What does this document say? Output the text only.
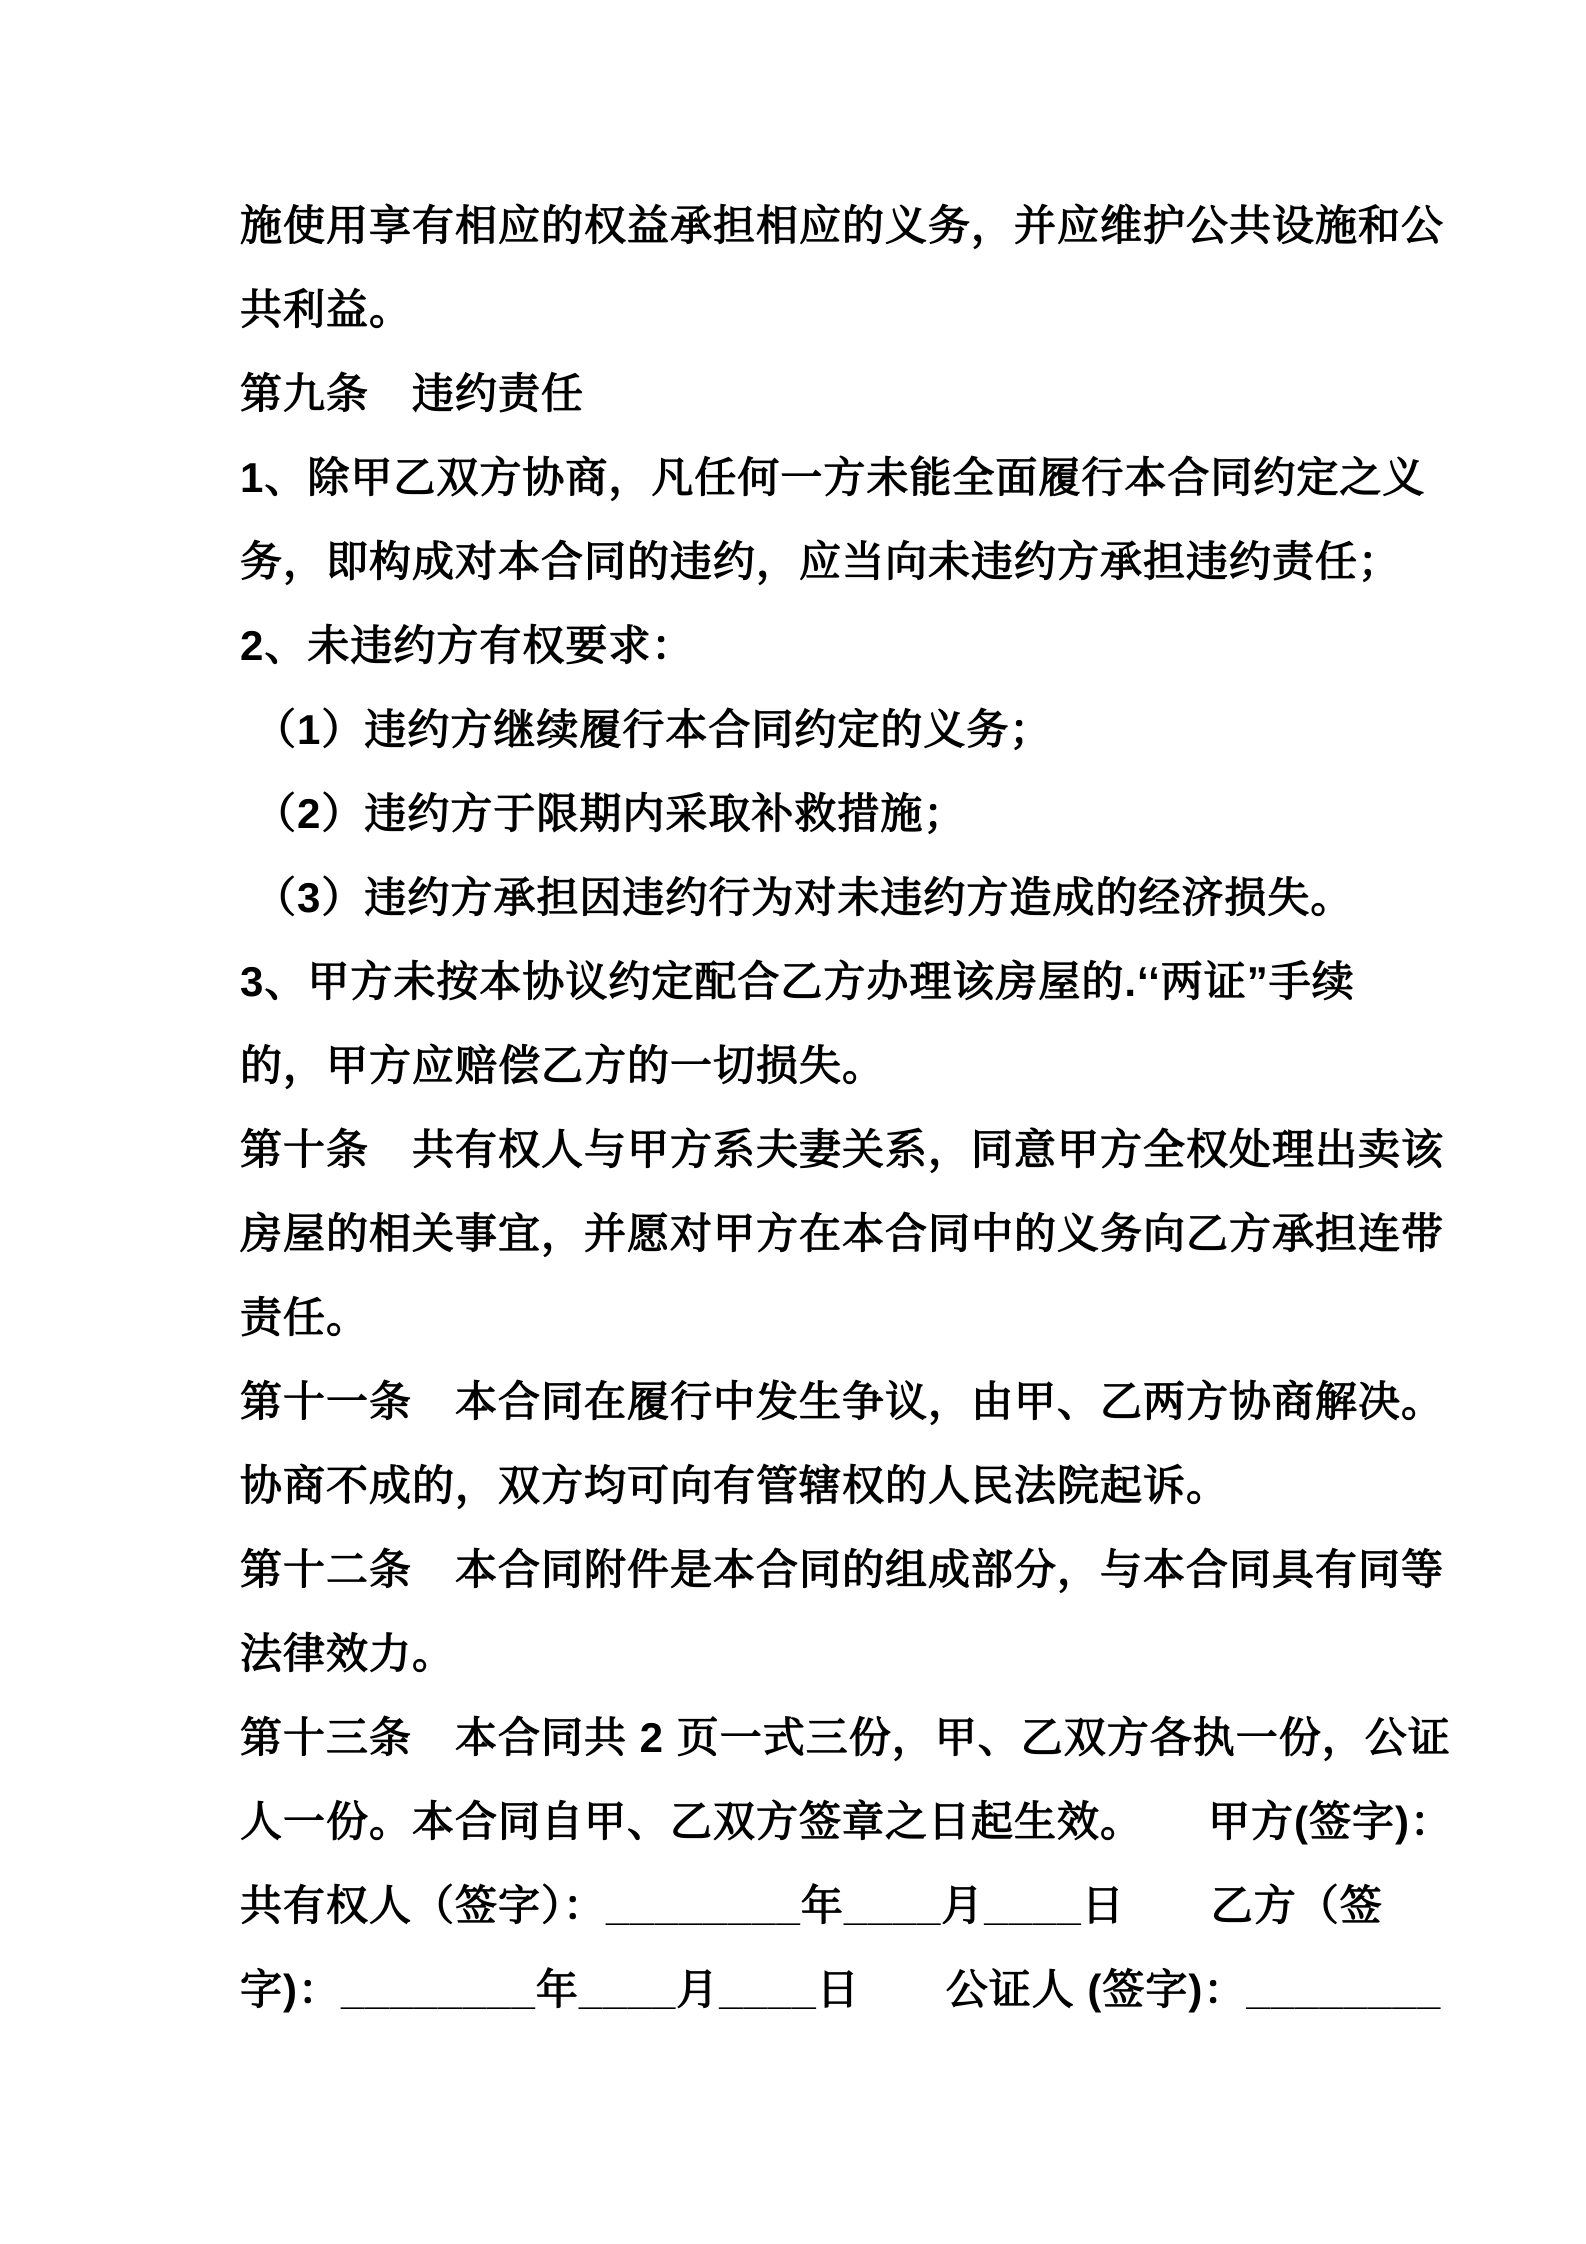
施使用享有相应的权益承担相应的义务，并应维护公共设施和公
共利益。
第九条　违约责任
1、除甲乙双方协商，凡任何一方未能全面履行本合同约定之义
务，即构成对本合同的违约，应当向未违约方承担违约责任；
2、未违约方有权要求：
（1）违约方继续履行本合同约定的义务；
（2）违约方于限期内采取补救措施；
（3）违约方承担因违约行为对未违约方造成的经济损失。
3、甲方未按本协议约定配合乙方办理该房屋的.‘‘两证”手续
的，甲方应赔偿乙方的一切损失。
第十条　共有权人与甲方系夫妻关系，同意甲方全权处理出卖该
房屋的相关事宜，并愿对甲方在本合同中的义务向乙方承担连带
责任。
第十一条　本合同在履行中发生争议，由甲、乙两方协商解决。
协商不成的，双方均可向有管辖权的人民法院起诉。
第十二条　本合同附件是本合同的组成部分，与本合同具有同等
法律效力。
第十三条　本合同共 2 页一式三份，甲、乙双方各执一份，公证
人一份。本合同自甲、乙双方签章之日起生效。　　甲方(签字)：
共有权人（签字）：________年____月____日　　乙方（签
字)：________年____月____日　　公证人 (签字)：________
